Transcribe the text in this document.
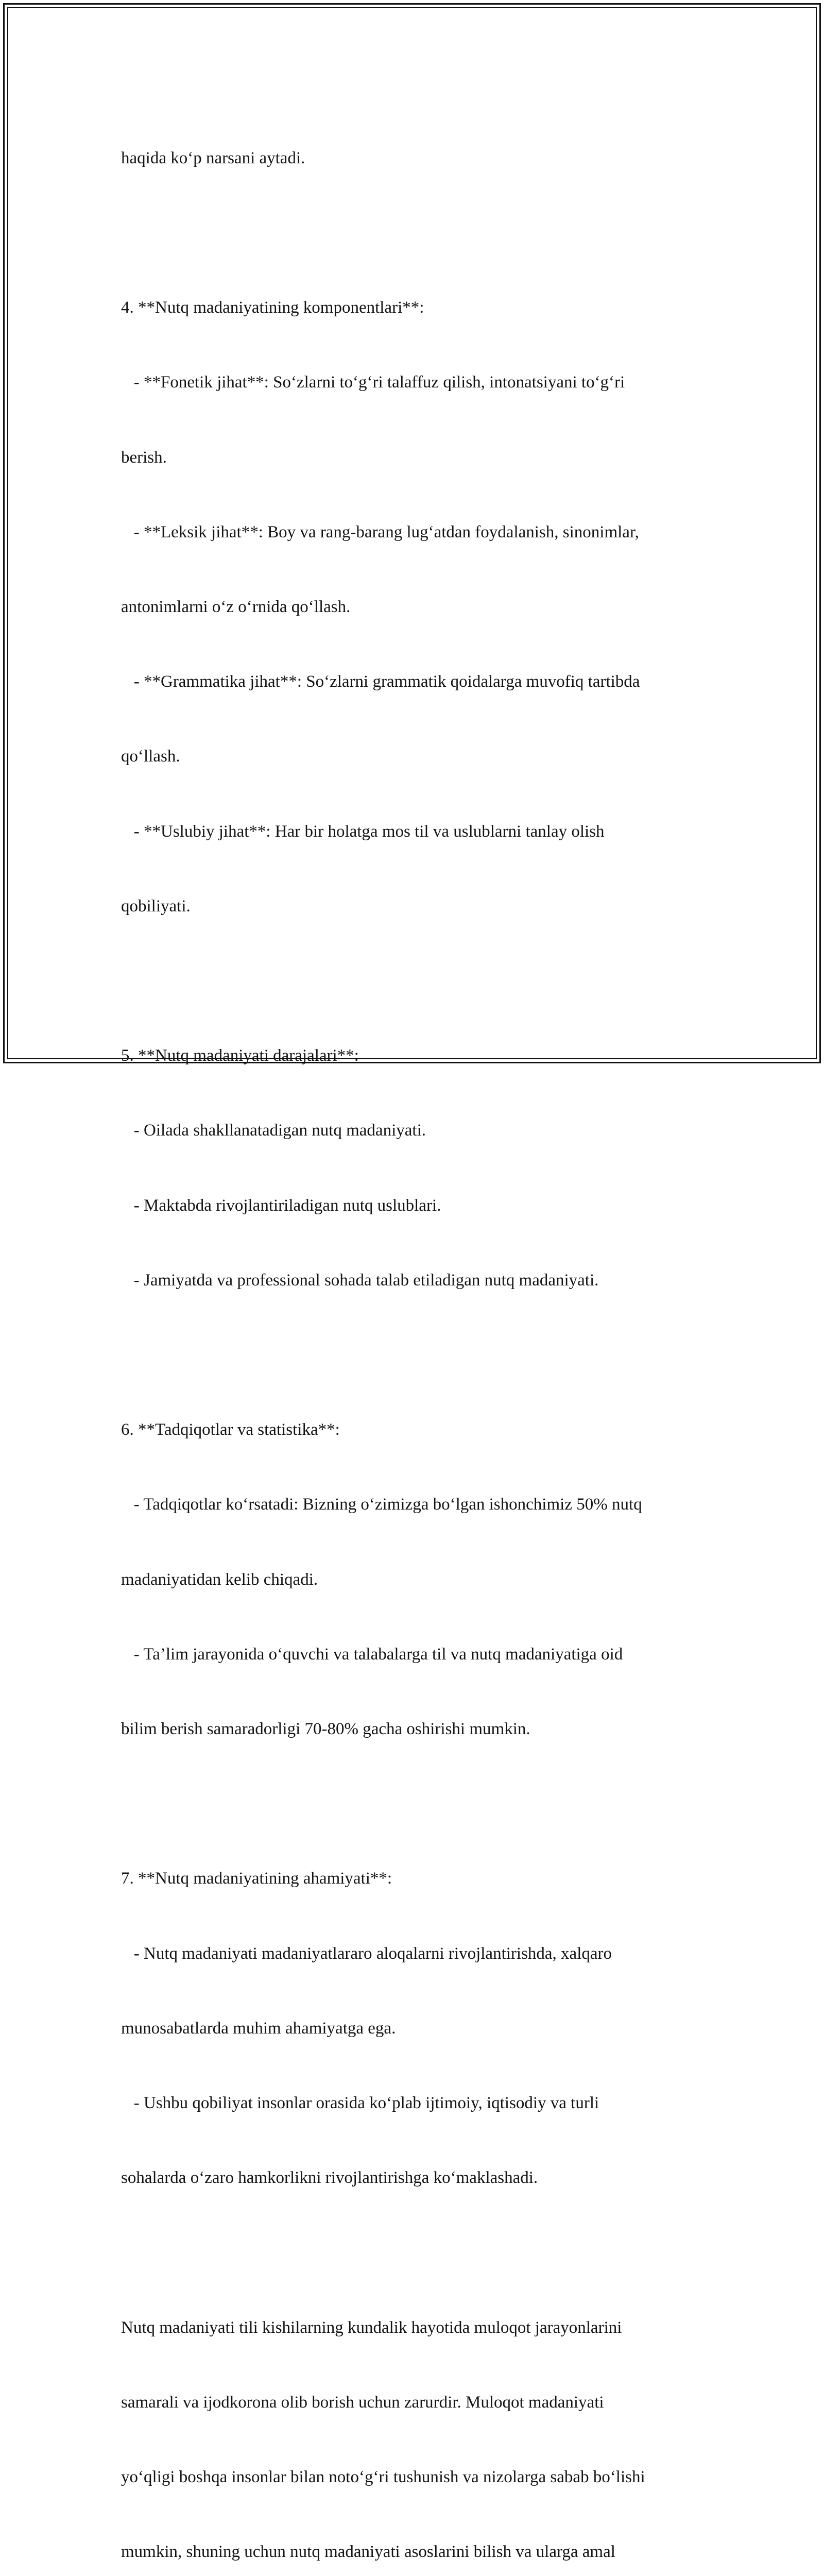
haqida ko‘p narsani aytadi.

4. **Nutq madaniyatining komponentlari**:

- **Fonetik jihat**: So‘zlarni to‘g‘ri talaffuz qilish, intonatsiyani to‘g‘ri

berish.

- **Leksik jihat**: Boy va rang-barang lug‘atdan foydalanish, sinonimlar,

antonimlarni o‘z o‘rnida qo‘llash.

- **Grammatika jihat**: So‘zlarni grammatik qoidalarga muvofiq tartibda

qo‘llash.

- **Uslubiy jihat**: Har bir holatga mos til va uslublarni tanlay olish

qobiliyati.

5. **Nutq madaniyati darajalari**:

- Oilada shakllanatadigan nutq madaniyati.

- Maktabda rivojlantiriladigan nutq uslublari.

- Jamiyatda va professional sohada talab etiladigan nutq madaniyati.

6. **Tadqiqotlar va statistika**:

- Tadqiqotlar ko‘rsatadi: Bizning o‘zimizga bo‘lgan ishonchimiz 50% nutq

madaniyatidan kelib chiqadi.

- Ta’lim jarayonida o‘quvchi va talabalarga til va nutq madaniyatiga oid

bilim berish samaradorligi 70-80% gacha oshirishi mumkin.

7. **Nutq madaniyatining ahamiyati**:

- Nutq madaniyati madaniyatlararo aloqalarni rivojlantirishda, xalqaro

munosabatlarda muhim ahamiyatga ega.

- Ushbu qobiliyat insonlar orasida ko‘plab ijtimoiy, iqtisodiy va turli

sohalarda o‘zaro hamkorlikni rivojlantirishga ko‘maklashadi.

Nutq madaniyati tili kishilarning kundalik hayotida muloqot jarayonlarini

samarali va ijodkorona olib borish uchun zarurdir. Muloqot madaniyati

yo‘qligi boshqa insonlar bilan noto‘g‘ri tushunish va nizolarga sabab bo‘lishi

mumkin, shuning uchun nutq madaniyati asoslarini bilish va ularga amal
